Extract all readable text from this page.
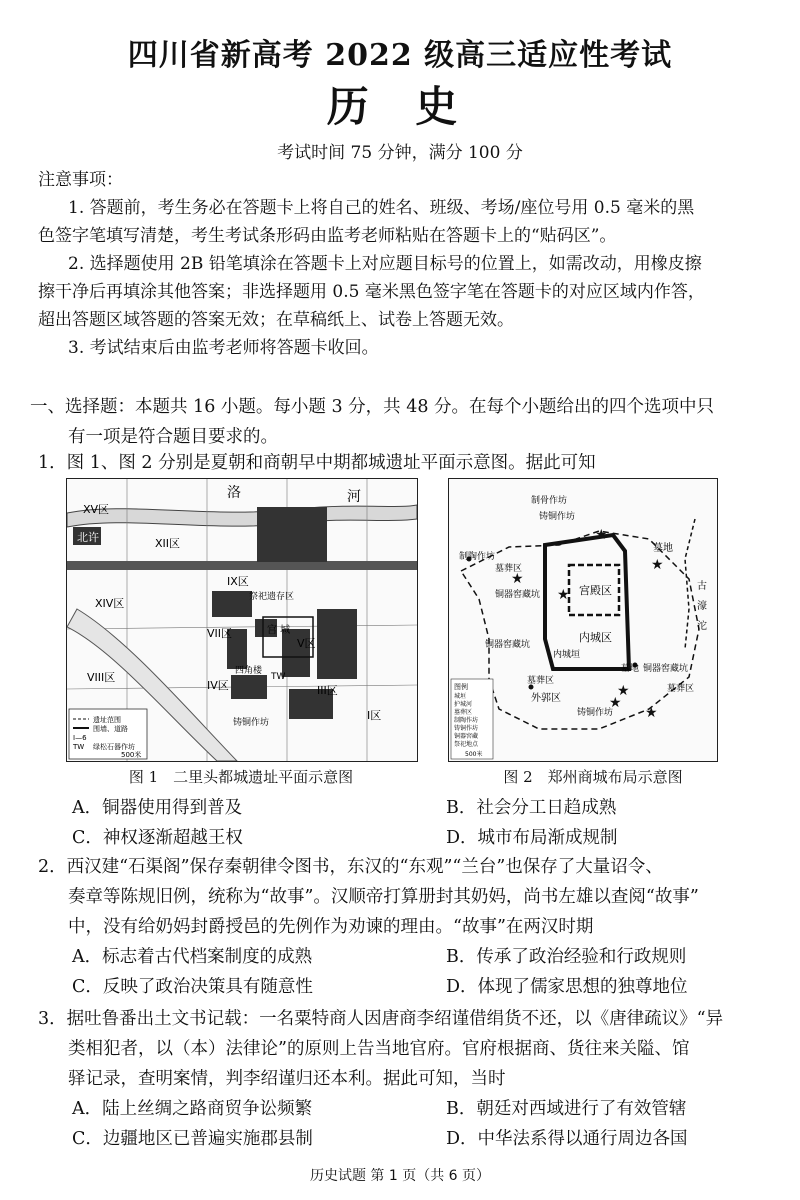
四川省新高考 2022 级高三适应性考试
历 史
考试时间 75 分钟，满分 100 分
注意事项：
1. 答题前，考生务必在答题卡上将自己的姓名、班级、考场/座位号用 0.5 毫米的黑
色签字笔填写清楚，考生考试条形码由监考老师粘贴在答题卡上的“贴码区”。
2. 选择题使用 2B 铅笔填涂在答题卡上对应题目标号的位置上，如需改动，用橡皮擦
擦干净后再填涂其他答案；非选择题用 0.5 毫米黑色签字笔在答题卡的对应区域内作答，
超出答题区域答题的答案无效；在草稿纸上、试卷上答题无效。
3. 考试结束后由监考老师将答题卡收回。
一、选择题：本题共 16 小题。每小题 3 分，共 48 分。在每个小题给出的四个选项中只
有一项是符合题目要求的。
1．图 1、图 2 分别是夏朝和商朝早中期都城遗址平面示意图。据此可知
洛	河
XV区
XII区
北许
IX区
祭祀遗存区
XIV区
VII区	宫 城
V区
四角楼
TW
VIII区
IV区	III区
I区
铸铜作坊
遗址范围
围墙、道路
I—6
TW 绿松石器作坊
500米
图 1　二里头都城遗址平面示意图
★
★
★
★
★
★
★
制骨作坊
铸铜作坊
制陶作坊
墓葬区
墓地
铜器窖藏坑	宫殿区	古
濠
沱
内城区
铜器窖藏坑
内城垣
墓地 铜器窖藏坑
墓葬区
墓葬区
外郭区
铸铜作坊
图例
城垣
护城河
墓葬区
制陶作坊
铸铜作坊
铜器窖藏
祭祀地点
500米
图 2　郑州商城布局示意图
A．铜器使用得到普及	B．社会分工日趋成熟
C．神权逐渐超越王权	D．城市布局渐成规制
2．西汉建“石渠阁”保存秦朝律令图书，东汉的“东观”“兰台”也保存了大量诏令、
奏章等陈规旧例，统称为“故事”。汉顺帝打算册封其奶妈，尚书左雄以查阅“故事”
中，没有给奶妈封爵授邑的先例作为劝谏的理由。“故事”在两汉时期
A．标志着古代档案制度的成熟	B．传承了政治经验和行政规则
C．反映了政治决策具有随意性	D．体现了儒家思想的独尊地位
3．据吐鲁番出土文书记载：一名粟特商人因唐商李绍谨借绢货不还，以《唐律疏议》“异
类相犯者，以（本）法律论”的原则上告当地官府。官府根据商、货往来关隘、馆
驿记录，查明案情，判李绍谨归还本利。据此可知，当时
A．陆上丝绸之路商贸争讼频繁	B．朝廷对西域进行了有效管辖
C．边疆地区已普遍实施郡县制	D．中华法系得以通行周边各国
历史试题 第 1 页（共 6 页）
